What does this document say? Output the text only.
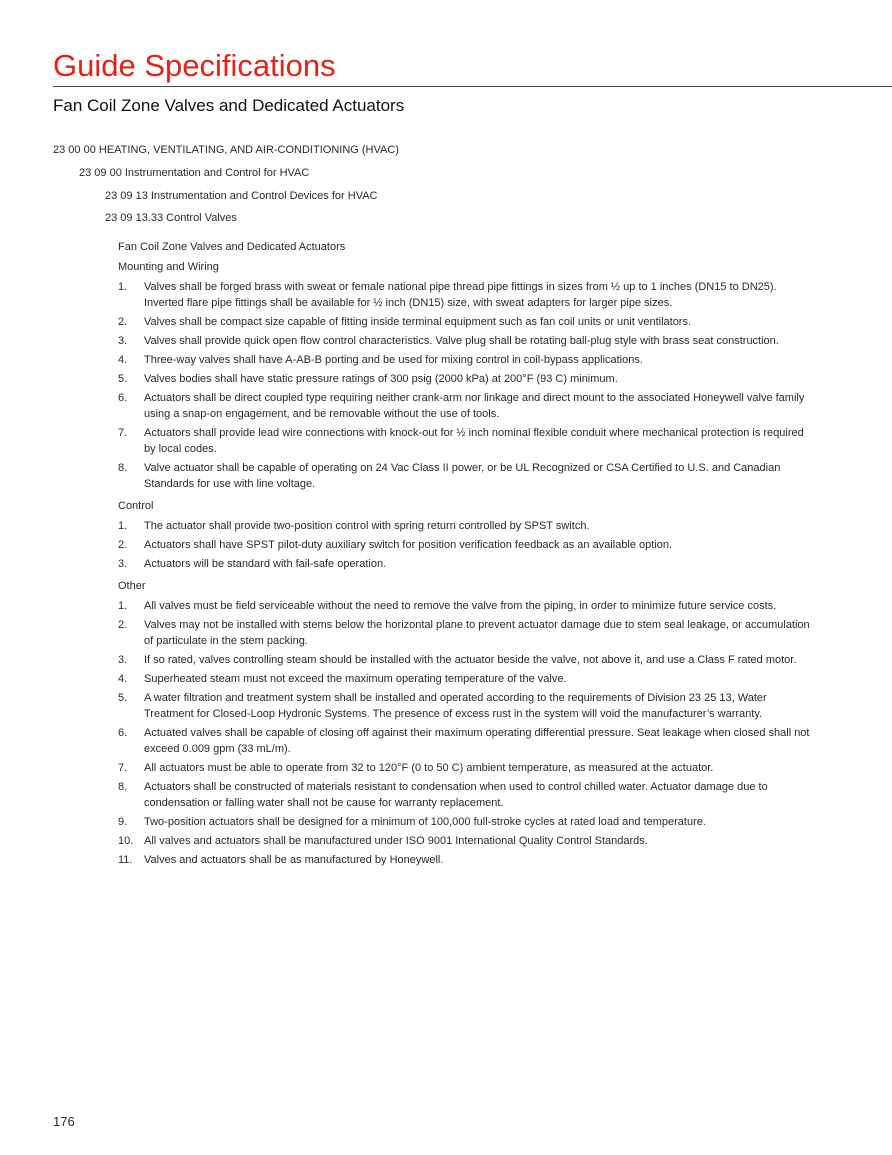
Guide Specifications
Fan Coil Zone Valves and Dedicated Actuators

23 00 00 HEATING, VENTILATING, AND AIR-CONDITIONING (HVAC)

23 09 00 Instrumentation and Control for HVAC

23 09 13 Instrumentation and Control Devices for HVAC

23 09 13.33 Control Valves

Fan Coil Zone Valves and Dedicated Actuators

Mounting and Wiring

1. Valves shall be forged brass with sweat or female national pipe thread pipe fittings in sizes from ½ up to 1 inches (DN15 to DN25). Inverted flare pipe fittings shall be available for ½ inch (DN15) size, with sweat adapters for larger pipe sizes.
2. Valves shall be compact size capable of fitting inside terminal equipment such as fan coil units or unit ventilators.
3. Valves shall provide quick open flow control characteristics. Valve plug shall be rotating ball-plug style with brass seat construction.
4. Three-way valves shall have A-AB-B porting and be used for mixing control in coil-bypass applications.
5. Valves bodies shall have static pressure ratings of 300 psig (2000 kPa) at 200°F (93 C) minimum.
6. Actuators shall be direct coupled type requiring neither crank-arm nor linkage and direct mount to the associated Honeywell valve family using a snap-on engagement, and be removable without the use of tools.
7. Actuators shall provide lead wire connections with knock-out for ½ inch nominal flexible conduit where mechanical protection is required by local codes.
8. Valve actuator shall be capable of operating on 24 Vac Class II power, or be UL Recognized or CSA Certified to U.S. and Canadian Standards for use with line voltage.

Control

1. The actuator shall provide two-position control with spring return controlled by SPST switch.
2. Actuators shall have SPST pilot-duty auxiliary switch for position verification feedback as an available option.
3. Actuators will be standard with fail-safe operation.

Other

1. All valves must be field serviceable without the need to remove the valve from the piping, in order to minimize future service costs.
2. Valves may not be installed with stems below the horizontal plane to prevent actuator damage due to stem seal leakage, or accumulation of particulate in the stem packing.
3. If so rated, valves controlling steam should be installed with the actuator beside the valve, not above it, and use a Class F rated motor.
4. Superheated steam must not exceed the maximum operating temperature of the valve.
5. A water filtration and treatment system shall be installed and operated according to the requirements of Division 23 25 13, Water Treatment for Closed-Loop Hydronic Systems. The presence of excess rust in the system will void the manufacturer’s warranty.
6. Actuated valves shall be capable of closing off against their maximum operating differential pressure. Seat leakage when closed shall not exceed 0.009 gpm (33 mL/m).
7. All actuators must be able to operate from 32 to 120°F (0 to 50 C) ambient temperature, as measured at the actuator.
8. Actuators shall be constructed of materials resistant to condensation when used to control chilled water. Actuator damage due to condensation or falling water shall not be cause for warranty replacement.
9. Two-position actuators shall be designed for a minimum of 100,000 full-stroke cycles at rated load and temperature.
10. All valves and actuators shall be manufactured under ISO 9001 International Quality Control Standards.
11. Valves and actuators shall be as manufactured by Honeywell.

176
